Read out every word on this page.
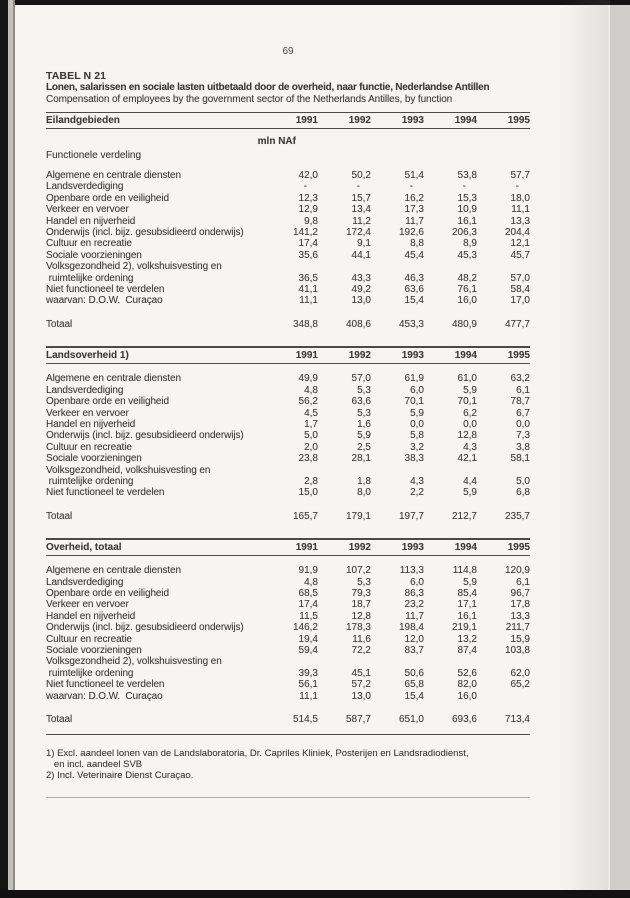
69
TABEL N 21
Lonen, salarissen en sociale lasten uitbetaald door de overheid, naar functie, Nederlandse Antillen
Compensation of employees by the government sector of the Netherlands Antilles, by function
Eilandgebieden	1991	1992	1993	1994	1995
mln NAf
Functionele verdeling
Algemene en centrale diensten	42,0	50,2	51,4	53,8	57,7
Landsverdediging	-	-	-	-	-
Openbare orde en veiligheid	12,3	15,7	16,2	15,3	18,0
Verkeer en vervoer	12,9	13,4	17,3	10,9	11,1
Handel en nijverheid	9,8	11,2	11,7	16,1	13,3
Onderwijs (incl. bijz. gesubsidieerd onderwijs)	141,2	172,4	192,6	206,3	204,4
Cultuur en recreatie	17,4	9,1	8,8	8,9	12,1
Sociale voorzieningen	35,6	44,1	45,4	45,3	45,7
Volksgezondheid 2), volkshuisvesting en
ruimtelijke ordening	36,5	43,3	46,3	48,2	57,0
Niet functioneel te verdelen	41,1	49,2	63,6	76,1	58,4
waarvan: D.O.W.  Curaçao	11,1	13,0	15,4	16,0	17,0
Totaal	348,8	408,6	453,3	480,9	477,7
Landsoverheid 1)	1991	1992	1993	1994	1995
Algemene en centrale diensten	49,9	57,0	61,9	61,0	63,2
Landsverdediging	4,8	5,3	6,0	5,9	6,1
Openbare orde en veiligheid	56,2	63,6	70,1	70,1	78,7
Verkeer en vervoer	4,5	5,3	5,9	6,2	6,7
Handel en nijverheid	1,7	1,6	0,0	0,0	0,0
Onderwijs (incl. bijz. gesubsidieerd onderwijs)	5,0	5,9	5,8	12,8	7,3
Cultuur en recreatie	2,0	2,5	3,2	4,3	3,8
Sociale voorzieningen	23,8	28,1	38,3	42,1	58,1
Volksgezondheid, volkshuisvesting en
ruimtelijke ordening	2,8	1,8	4,3	4,4	5,0
Niet functioneel te verdelen	15,0	8,0	2,2	5,9	6,8
Totaal	165,7	179,1	197,7	212,7	235,7
Overheid, totaal	1991	1992	1993	1994	1995
Algemene en centrale diensten	91,9	107,2	113,3	114,8	120,9
Landsverdediging	4,8	5,3	6,0	5,9	6,1
Openbare orde en veiligheid	68,5	79,3	86,3	85,4	96,7
Verkeer en vervoer	17,4	18,7	23,2	17,1	17,8
Handel en nijverheid	11,5	12,8	11,7	16,1	13,3
Onderwijs (incl. bijz. gesubsidieerd onderwijs)	146,2	178,3	198,4	219,1	211,7
Cultuur en recreatie	19,4	11,6	12,0	13,2	15,9
Sociale voorzieningen	59,4	72,2	83,7	87,4	103,8
Volksgezondheid 2), volkshuisvesting en
ruimtelijke ordening	39,3	45,1	50,6	52,6	62,0
Niet functioneel te verdelen	56,1	57,2	65,8	82,0	65,2
waarvan: D.O.W.  Curaçao	11,1	13,0	15,4	16,0
Totaal	514,5	587,7	651,0	693,6	713,4
1) Excl. aandeel lonen van de Landslaboratoria, Dr. Capriles Kliniek, Posterijen en Landsradiodienst,
en incl. aandeel SVB
2) Incl. Veterinaire Dienst Curaçao.
